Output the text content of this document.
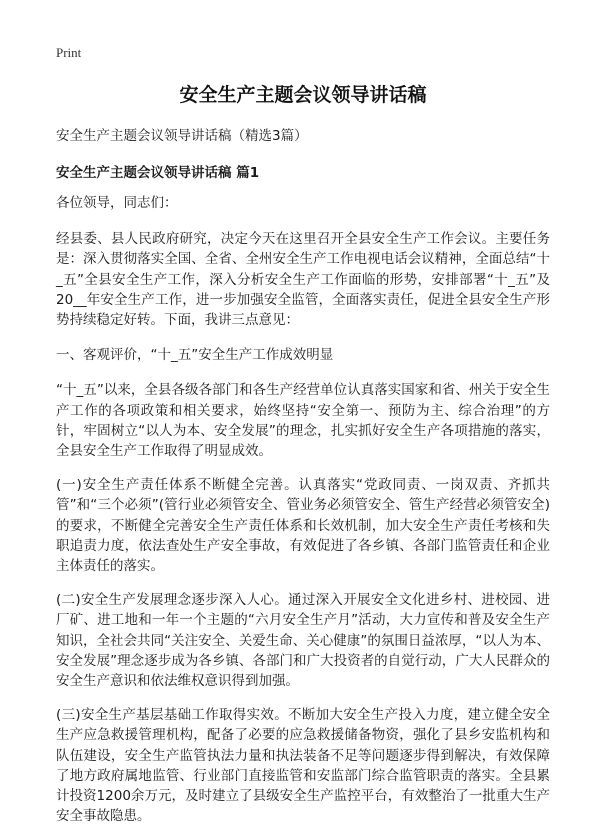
Print
安全生产主题会议领导讲话稿
安全生产主题会议领导讲话稿（精选3篇）
安全生产主题会议领导讲话稿 篇1

各位领导，同志们：

经县委、县人民政府研究，决定今天在这里召开全县安全生产工作会议。主要任务是：深入贯彻落实全国、全省、全州安全生产工作电视电话会议精神，全面总结“十_五”全县安全生产工作，深入分析安全生产工作面临的形势，安排部署“十_五”及20__年安全生产工作，进一步加强安全监管，全面落实责任，促进全县安全生产形势持续稳定好转。下面，我讲三点意见：

一、客观评价，“十_五”安全生产工作成效明显

“十_五”以来，全县各级各部门和各生产经营单位认真落实国家和省、州关于安全生产工作的各项政策和相关要求，始终坚持“安全第一、预防为主、综合治理”的方针，牢固树立“以人为本、安全发展”的理念，扎实抓好安全生产各项措施的落实，全县安全生产工作取得了明显成效。

(一)安全生产责任体系不断健全完善。认真落实“党政同责、一岗双责、齐抓共管”和“三个必须”(管行业必须管安全、管业务必须管安全、管生产经营必须管安全)的要求，不断健全完善安全生产责任体系和长效机制，加大安全生产责任考核和失职追责力度，依法查处生产安全事故，有效促进了各乡镇、各部门监管责任和企业主体责任的落实。

(二)安全生产发展理念逐步深入人心。通过深入开展安全文化进乡村、进校园、进厂矿、进工地和一年一个主题的“六月安全生产月”活动，大力宣传和普及安全生产知识，全社会共同“关注安全、关爱生命、关心健康”的氛围日益浓厚，“以人为本、安全发展”理念逐步成为各乡镇、各部门和广大投资者的自觉行动，广大人民群众的安全生产意识和依法维权意识得到加强。

(三)安全生产基层基础工作取得实效。不断加大安全生产投入力度，建立健全安全生产应急救援管理机构，配备了必要的应急救援储备物资，强化了县乡安监机构和队伍建设，安全生产监管执法力量和执法装备不足等问题逐步得到解决，有效保障了地方政府属地监管、行业部门直接监管和安监部门综合监管职责的落实。全县累计投资1200余万元，及时建立了县级安全生产监控平台，有效整治了一批重大生产安全事故隐患。
